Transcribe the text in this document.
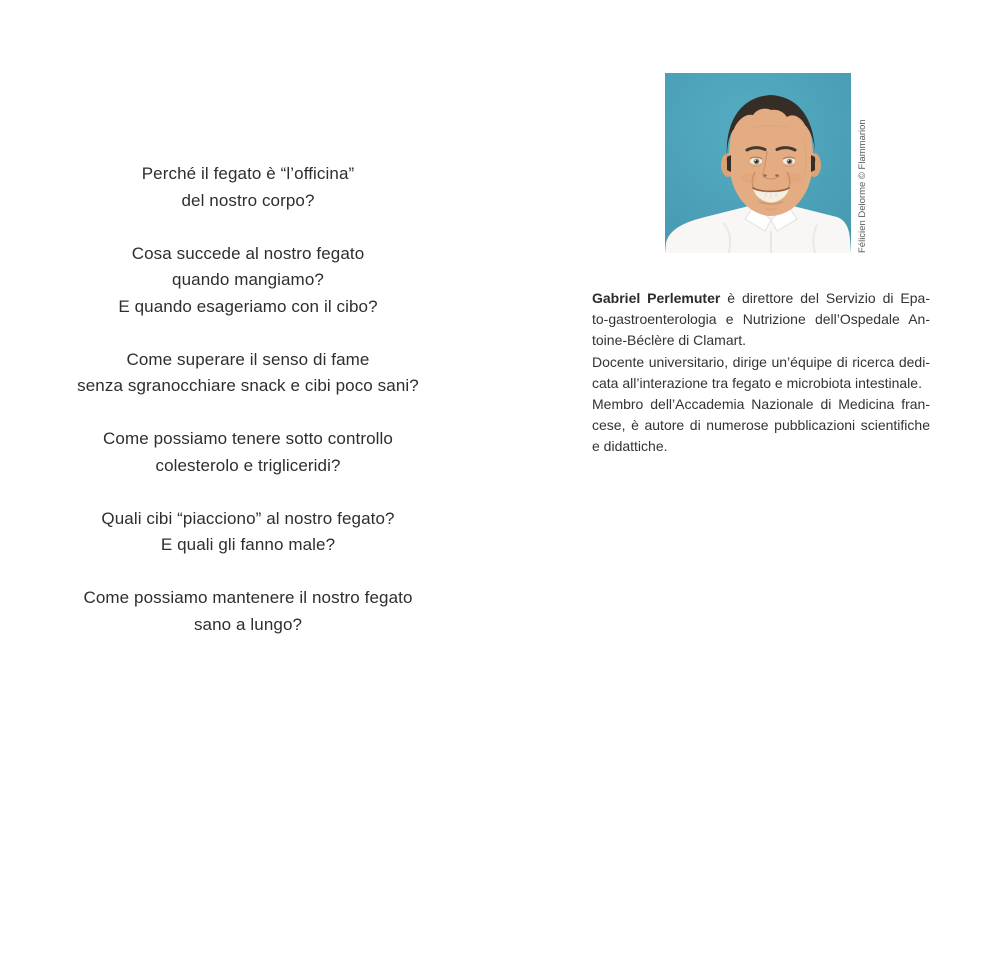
Perché il fegato è “l’officina”
del nostro corpo?
Cosa succede al nostro fegato
quando mangiamo?
E quando esageriamo con il cibo?
Come superare il senso di fame
senza sgranocchiare snack e cibi poco sani?
Come possiamo tenere sotto controllo
colesterolo e trigliceridi?
Quali cibi “piacciono” al nostro fegato?
E quali gli fanno male?
Come possiamo mantenere il nostro fegato
sano a lungo?
Félicien Delorme © Flammarion
Gabriel Perlemuter è direttore del Servizio di Epa-
to-gastroenterologia e Nutrizione dell’Ospedale An-
toine-Béclère di Clamart.
Docente universitario, dirige un’équipe di ricerca dedi-
cata all’interazione tra fegato e microbiota intestinale.
Membro dell’Accademia Nazionale di Medicina fran-
cese, è autore di numerose pubblicazioni scientifiche
e didattiche.
